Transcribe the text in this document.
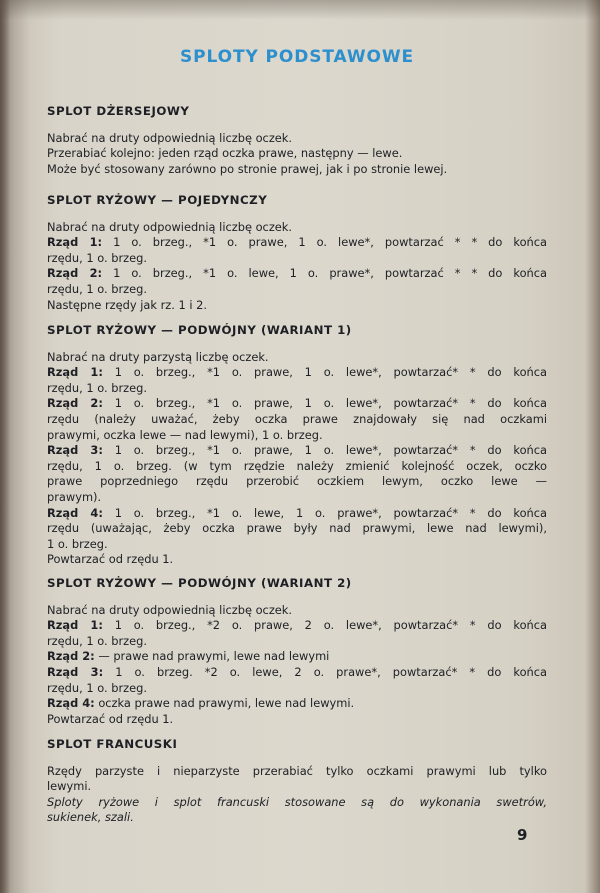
SPLOTY PODSTAWOWE
SPLOT DŻERSEJOWY
Nabrać na druty odpowiednią liczbę oczek.
Przerabiać kolejno: jeden rząd oczka prawe, następny — lewe.
Może być stosowany zarówno po stronie prawej, jak i po stronie lewej.
SPLOT RYŻOWY — POJEDYNCZY
Nabrać na druty odpowiednią liczbę oczek.
Rząd 1: 1 o. brzeg., *1 o. prawe, 1 o. lewe*, powtarzać * * do końca
rzędu, 1 o. brzeg.
Rząd 2: 1 o. brzeg., *1 o. lewe, 1 o. prawe*, powtarzać * * do końca
rzędu, 1 o. brzeg.
Następne rzędy jak rz. 1 i 2.
SPLOT RYŻOWY — PODWÓJNY (WARIANT 1)
Nabrać na druty parzystą liczbę oczek.
Rząd 1: 1 o. brzeg., *1 o. prawe, 1 o. lewe*, powtarzać* * do końca
rzędu, 1 o. brzeg.
Rząd 2: 1 o. brzeg., *1 o. prawe, 1 o. lewe*, powtarzać* * do końca
rzędu (należy uważać, żeby oczka prawe znajdowały się nad oczkami
prawymi, oczka lewe — nad lewymi), 1 o. brzeg.
Rząd 3: 1 o. brzeg., *1 o. prawe, 1 o. lewe*, powtarzać* * do końca
rzędu, 1 o. brzeg. (w tym rzędzie należy zmienić kolejność oczek, oczko
prawe poprzedniego rzędu przerobić oczkiem lewym, oczko lewe —
prawym).
Rząd 4: 1 o. brzeg., *1 o. lewe, 1 o. prawe*, powtarzać* * do końca
rzędu (uważając, żeby oczka prawe były nad prawymi, lewe nad lewymi),
1 o. brzeg.
Powtarzać od rzędu 1.
SPLOT RYŻOWY — PODWÓJNY (WARIANT 2)
Nabrać na druty odpowiednią liczbę oczek.
Rząd 1: 1 o. brzeg., *2 o. prawe, 2 o. lewe*, powtarzać* * do końca
rzędu, 1 o. brzeg.
Rząd 2: — prawe nad prawymi, lewe nad lewymi
Rząd 3: 1 o. brzeg. *2 o. lewe, 2 o. prawe*, powtarzać* * do końca
rzędu, 1 o. brzeg.
Rząd 4: oczka prawe nad prawymi, lewe nad lewymi.
Powtarzać od rzędu 1.
SPLOT FRANCUSKI
Rzędy parzyste i nieparzyste przerabiać tylko oczkami prawymi lub tylko
lewymi.
Sploty ryżowe i splot francuski stosowane są do wykonania swetrów,
sukienek, szali.
9
